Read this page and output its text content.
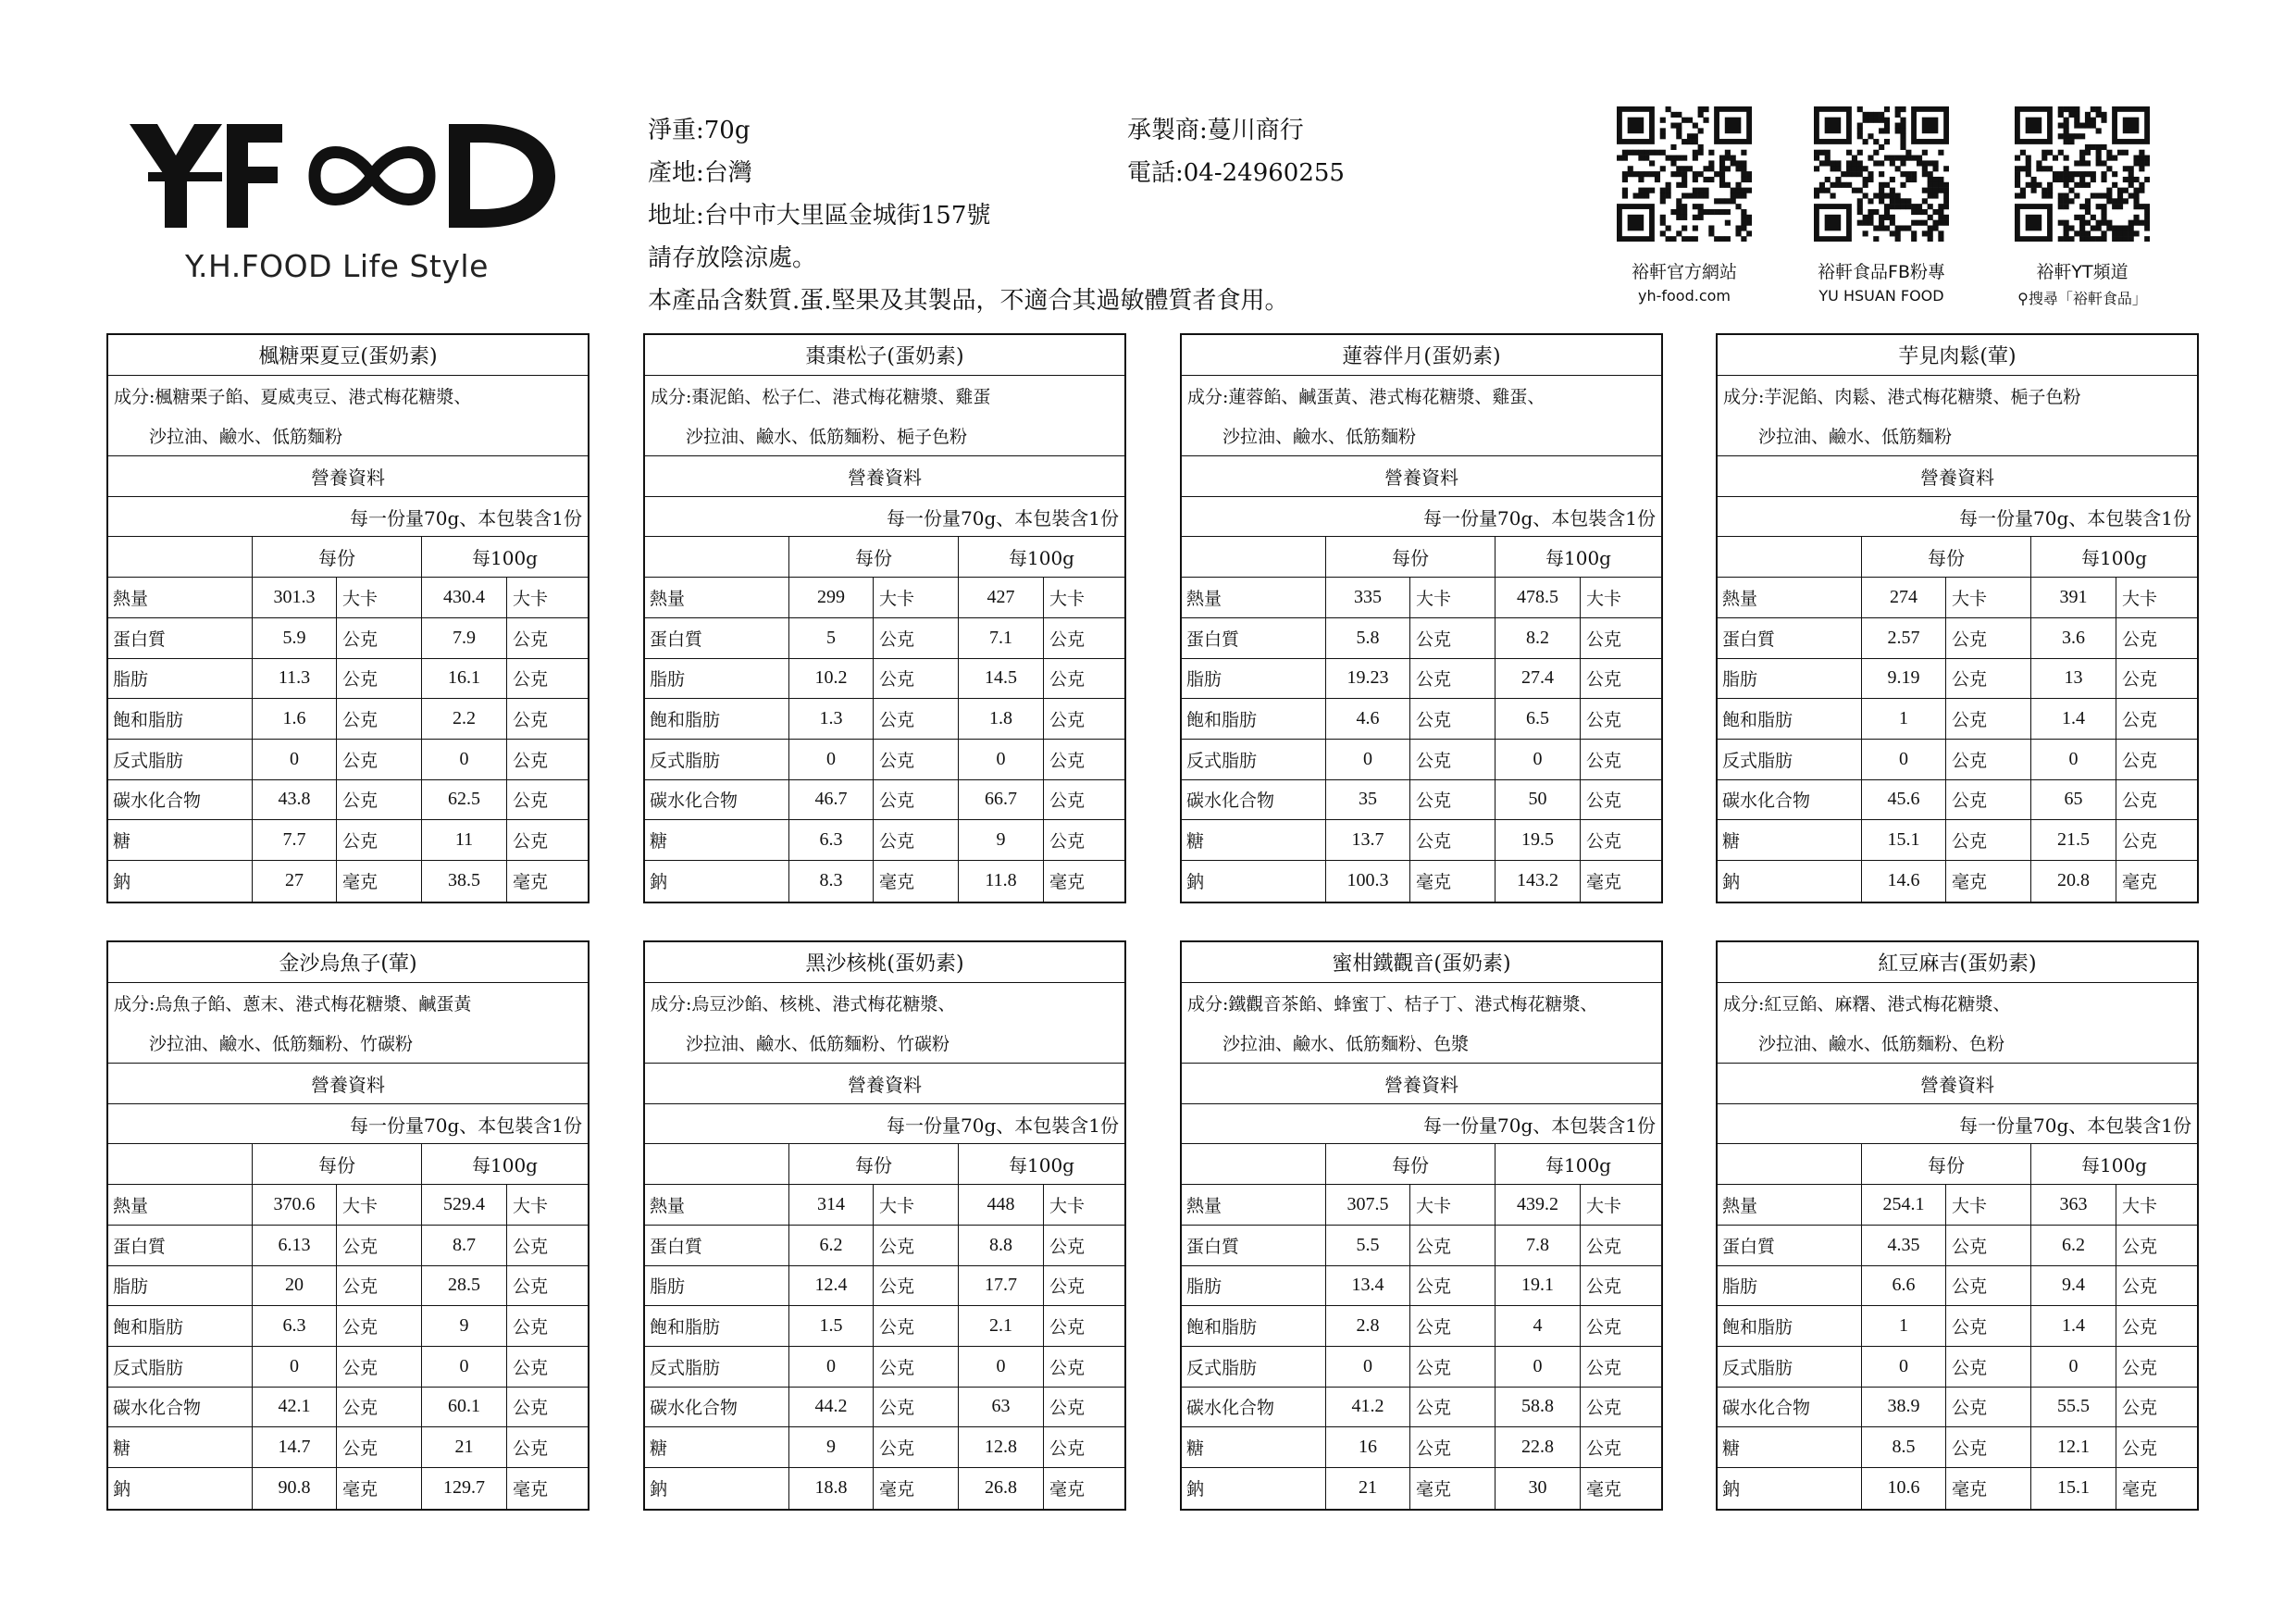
Y.H.FOOD Life Style
淨重:70g
產地:台灣
地址:台中市大里區金城街157號
請存放陰涼處。
本產品含麩質.蛋.堅果及其製品，不適合其過敏體質者食用。
承製商:蔓川商行
電話:04-24960255
裕軒官方網站
yh-food.com
裕軒食品FB粉專
YU HSUAN FOOD
裕軒YT頻道
⚲搜尋「裕軒食品」
楓糖栗夏豆(蛋奶素)
成分:楓糖栗子餡、夏威夷豆、港式梅花糖漿、
沙拉油、鹼水、低筋麵粉
營養資料
每一份量70g、本包裝含1份
每份	每100g
熱量	301.3	大卡	430.4	大卡
蛋白質	5.9	公克	7.9	公克
脂肪	11.3	公克	16.1	公克
飽和脂肪	1.6	公克	2.2	公克
反式脂肪	0	公克	0	公克
碳水化合物	43.8	公克	62.5	公克
糖	7.7	公克	11	公克
鈉	27	毫克	38.5	毫克
棗棗松子(蛋奶素)
成分:棗泥餡、松子仁、港式梅花糖漿、雞蛋
沙拉油、鹼水、低筋麵粉、梔子色粉
營養資料
每一份量70g、本包裝含1份
每份	每100g
熱量	299	大卡	427	大卡
蛋白質	5	公克	7.1	公克
脂肪	10.2	公克	14.5	公克
飽和脂肪	1.3	公克	1.8	公克
反式脂肪	0	公克	0	公克
碳水化合物	46.7	公克	66.7	公克
糖	6.3	公克	9	公克
鈉	8.3	毫克	11.8	毫克
蓮蓉伴月(蛋奶素)
成分:蓮蓉餡、鹹蛋黃、港式梅花糖漿、雞蛋、
沙拉油、鹼水、低筋麵粉
營養資料
每一份量70g、本包裝含1份
每份	每100g
熱量	335	大卡	478.5	大卡
蛋白質	5.8	公克	8.2	公克
脂肪	19.23	公克	27.4	公克
飽和脂肪	4.6	公克	6.5	公克
反式脂肪	0	公克	0	公克
碳水化合物	35	公克	50	公克
糖	13.7	公克	19.5	公克
鈉	100.3	毫克	143.2	毫克
芋見肉鬆(葷)
成分:芋泥餡、肉鬆、港式梅花糖漿、梔子色粉
沙拉油、鹼水、低筋麵粉
營養資料
每一份量70g、本包裝含1份
每份	每100g
熱量	274	大卡	391	大卡
蛋白質	2.57	公克	3.6	公克
脂肪	9.19	公克	13	公克
飽和脂肪	1	公克	1.4	公克
反式脂肪	0	公克	0	公克
碳水化合物	45.6	公克	65	公克
糖	15.1	公克	21.5	公克
鈉	14.6	毫克	20.8	毫克
金沙烏魚子(葷)
成分:烏魚子餡、蔥末、港式梅花糖漿、鹹蛋黃
沙拉油、鹼水、低筋麵粉、竹碳粉
營養資料
每一份量70g、本包裝含1份
每份	每100g
熱量	370.6	大卡	529.4	大卡
蛋白質	6.13	公克	8.7	公克
脂肪	20	公克	28.5	公克
飽和脂肪	6.3	公克	9	公克
反式脂肪	0	公克	0	公克
碳水化合物	42.1	公克	60.1	公克
糖	14.7	公克	21	公克
鈉	90.8	毫克	129.7	毫克
黑沙核桃(蛋奶素)
成分:烏豆沙餡、核桃、港式梅花糖漿、
沙拉油、鹼水、低筋麵粉、竹碳粉
營養資料
每一份量70g、本包裝含1份
每份	每100g
熱量	314	大卡	448	大卡
蛋白質	6.2	公克	8.8	公克
脂肪	12.4	公克	17.7	公克
飽和脂肪	1.5	公克	2.1	公克
反式脂肪	0	公克	0	公克
碳水化合物	44.2	公克	63	公克
糖	9	公克	12.8	公克
鈉	18.8	毫克	26.8	毫克
蜜柑鐵觀音(蛋奶素)
成分:鐵觀音茶餡、蜂蜜丁、桔子丁、港式梅花糖漿、
沙拉油、鹼水、低筋麵粉、色漿
營養資料
每一份量70g、本包裝含1份
每份	每100g
熱量	307.5	大卡	439.2	大卡
蛋白質	5.5	公克	7.8	公克
脂肪	13.4	公克	19.1	公克
飽和脂肪	2.8	公克	4	公克
反式脂肪	0	公克	0	公克
碳水化合物	41.2	公克	58.8	公克
糖	16	公克	22.8	公克
鈉	21	毫克	30	毫克
紅豆麻吉(蛋奶素)
成分:紅豆餡、麻糬、港式梅花糖漿、
沙拉油、鹼水、低筋麵粉、色粉
營養資料
每一份量70g、本包裝含1份
每份	每100g
熱量	254.1	大卡	363	大卡
蛋白質	4.35	公克	6.2	公克
脂肪	6.6	公克	9.4	公克
飽和脂肪	1	公克	1.4	公克
反式脂肪	0	公克	0	公克
碳水化合物	38.9	公克	55.5	公克
糖	8.5	公克	12.1	公克
鈉	10.6	毫克	15.1	毫克
